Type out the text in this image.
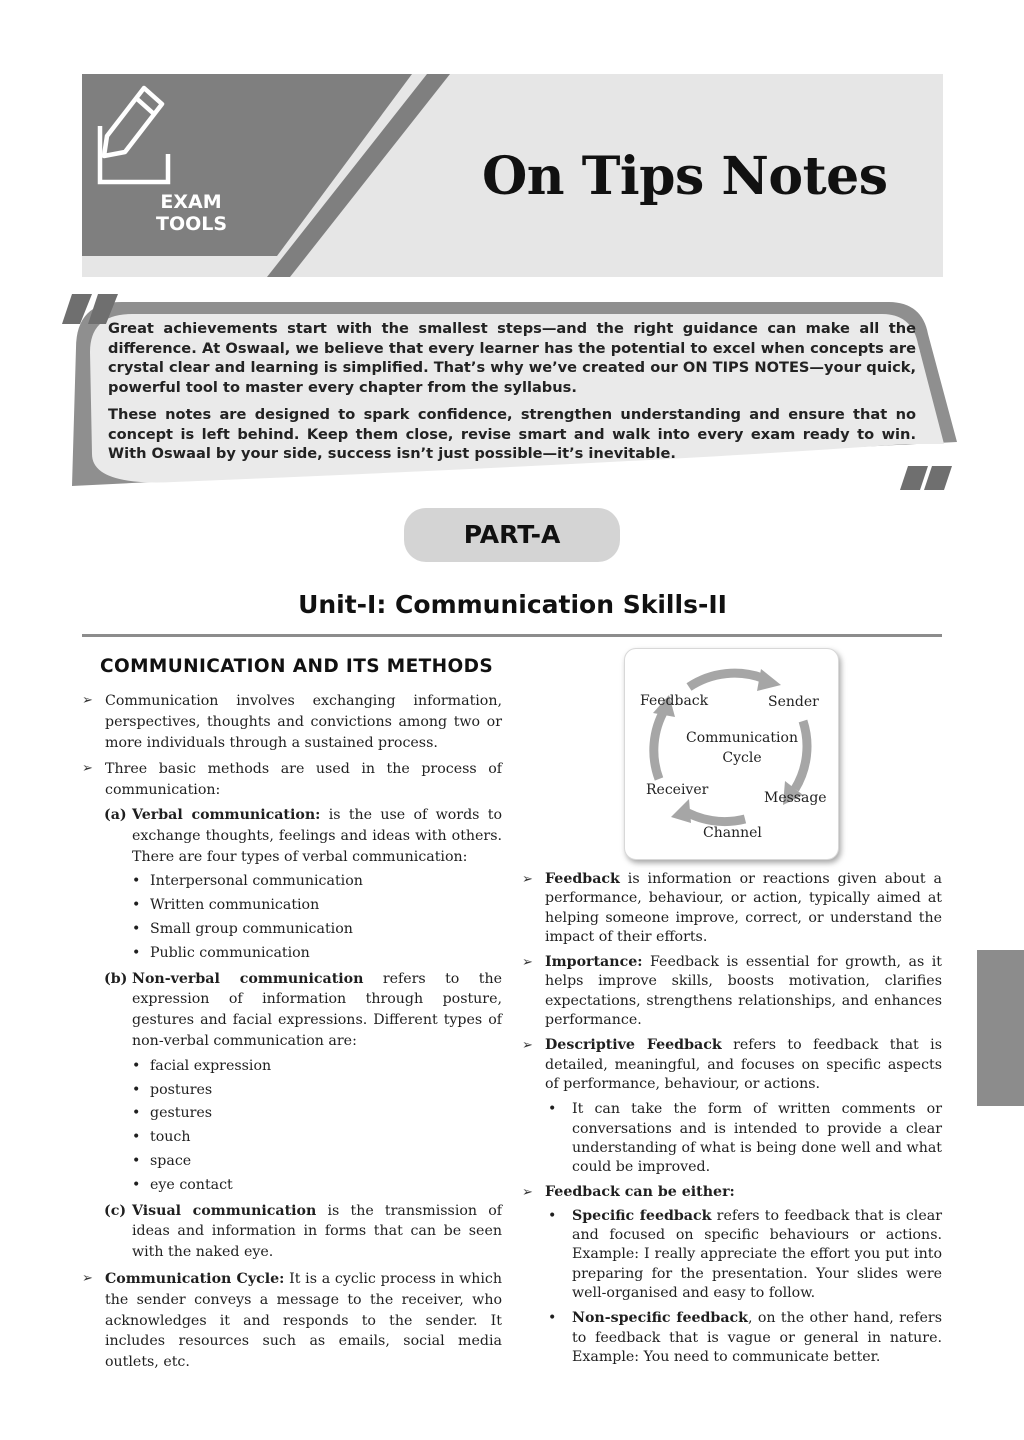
EXAM
TOOLS
On Tips Notes

Great achievements start with the smallest steps—and the right guidance can make all the difference. At Oswaal, we believe that every learner has the potential to excel when concepts are crystal clear and learning is simplified. That’s why we’ve created our ON TIPS NOTES—your quick, powerful tool to master every chapter from the syllabus.

These notes are designed to spark confidence, strengthen understanding and ensure that no concept is left behind. Keep them close, revise smart and walk into every exam ready to win. With Oswaal by your side, success isn’t just possible—it’s inevitable.

PART-A
Unit-I: Communication Skills-II
COMMUNICATION AND ITS METHODS
➢ Communication involves exchanging information, perspectives, thoughts and convictions among two or more individuals through a sustained process.
➢ Three basic methods are used in the process of communication:
(a) Verbal communication: is the use of words to exchange thoughts, feelings and ideas with others. There are four types of verbal communication:
• Interpersonal communication
• Written communication
• Small group communication
• Public communication
(b) Non-verbal communication refers to the expression of information through posture, gestures and facial expressions. Different types of non-verbal communication are:
• facial expression
• postures
• gestures
• touch
• space
• eye contact
(c) Visual communication is the transmission of ideas and information in forms that can be seen with the naked eye.
➢ Communication Cycle: It is a cyclic process in which the sender conveys a message to the receiver, who acknowledges it and responds to the sender. It includes resources such as emails, social media outlets, etc.
Feedback	Sender
Communication
Cycle
Receiver	Message
Channel
➢ Feedback is information or reactions given about a performance, behaviour, or action, typically aimed at helping someone improve, correct, or understand the impact of their efforts.
➢ Importance: Feedback is essential for growth, as it helps improve skills, boosts motivation, clarifies expectations, strengthens relationships, and enhances performance.
➢ Descriptive Feedback refers to feedback that is detailed, meaningful, and focuses on specific aspects of performance, behaviour, or actions.
• It can take the form of written comments or conversations and is intended to provide a clear understanding of what is being done well and what could be improved.
➢ Feedback can be either:
• Specific feedback refers to feedback that is clear and focused on specific behaviours or actions. Example: I really appreciate the effort you put into preparing for the presentation. Your slides were well-organised and easy to follow.
• Non-specific feedback, on the other hand, refers to feedback that is vague or general in nature. Example: You need to communicate better.
